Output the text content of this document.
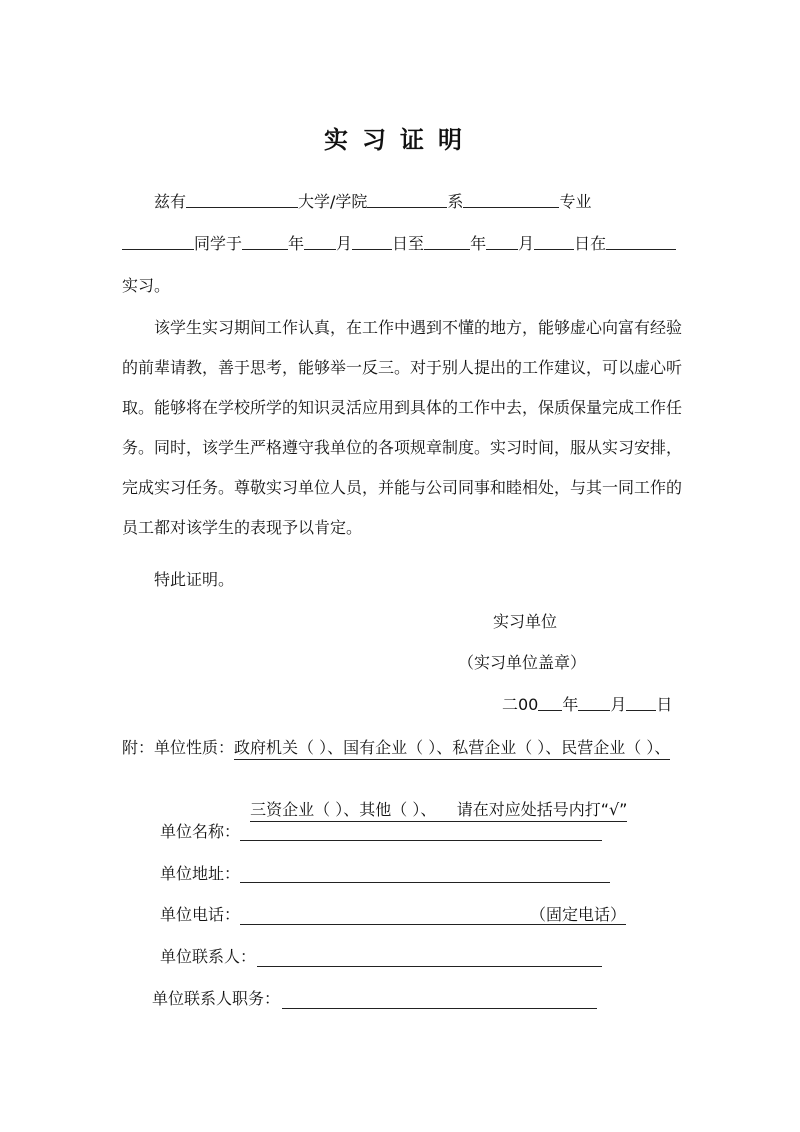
实习证明
兹有	大学/学院	系	专业
同学于	年 月	日至	年 月	日在
实习。

该学生实习期间工作认真，在工作中遇到不懂的地方，能够虚心向富有经验的前辈请教，善于思考，能够举一反三。对于别人提出的工作建议，可以虚心听取。能够将在学校所学的知识灵活应用到具体的工作中去，保质保量完成工作任务。同时，该学生严格遵守我单位的各项规章制度。实习时间，服从实习安排，完成实习任务。尊敬实习单位人员，并能与公司同事和睦相处，与其一同工作的员工都对该学生的表现予以肯定。

特此证明。
实习单位
（实习单位盖章）
二00 年 月 日
附：单位性质：政府机关（ ）、国有企业（ ）、私营企业（ ）、民营企业（ ）、

三资企业（ ）、其他（ ）、    请在对应处括号内打“√”

单位名称：
单位地址：
单位电话：	（固定电话）
单位联系人：
单位联系人职务：
